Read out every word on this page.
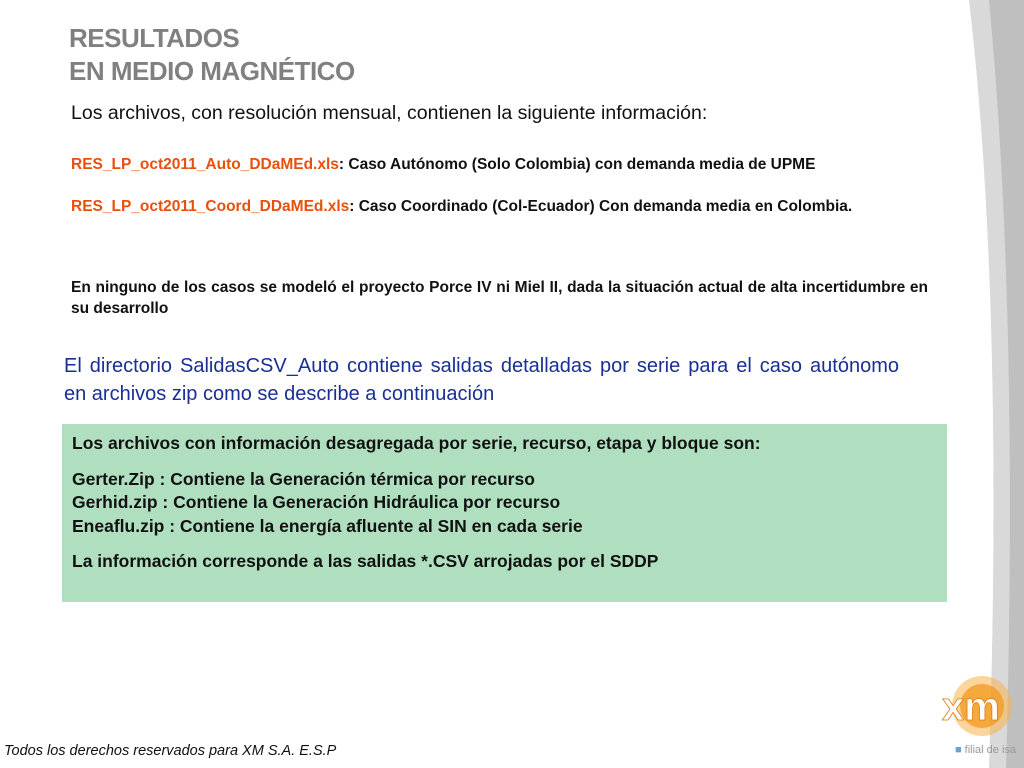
RESULTADOS
EN MEDIO MAGNÉTICO
Los archivos, con resolución mensual, contienen la siguiente información:
RES_LP_oct2011_Auto_DDaMEd.xls: Caso Autónomo (Solo Colombia) con demanda media de UPME
RES_LP_oct2011_Coord_DDaMEd.xls: Caso Coordinado (Col-Ecuador) Con demanda media en Colombia.
En ninguno de los casos se modeló el proyecto Porce IV ni Miel II, dada la situación actual de alta incertidumbre en su desarrollo
El directorio SalidasCSV_Auto contiene salidas detalladas por serie para el caso autónomo en archivos zip como se describe a continuación
Los archivos con información desagregada por serie, recurso, etapa y bloque son:
Gerter.Zip : Contiene la Generación térmica por recurso
Gerhid.zip : Contiene la Generación Hidráulica por recurso
Eneaflu.zip : Contiene la energía afluente al SIN en cada serie
La información corresponde a las salidas *.CSV arrojadas por el SDDP
Todos los derechos reservados para XM S.A. E.S.P
xm
■ filial de isa
